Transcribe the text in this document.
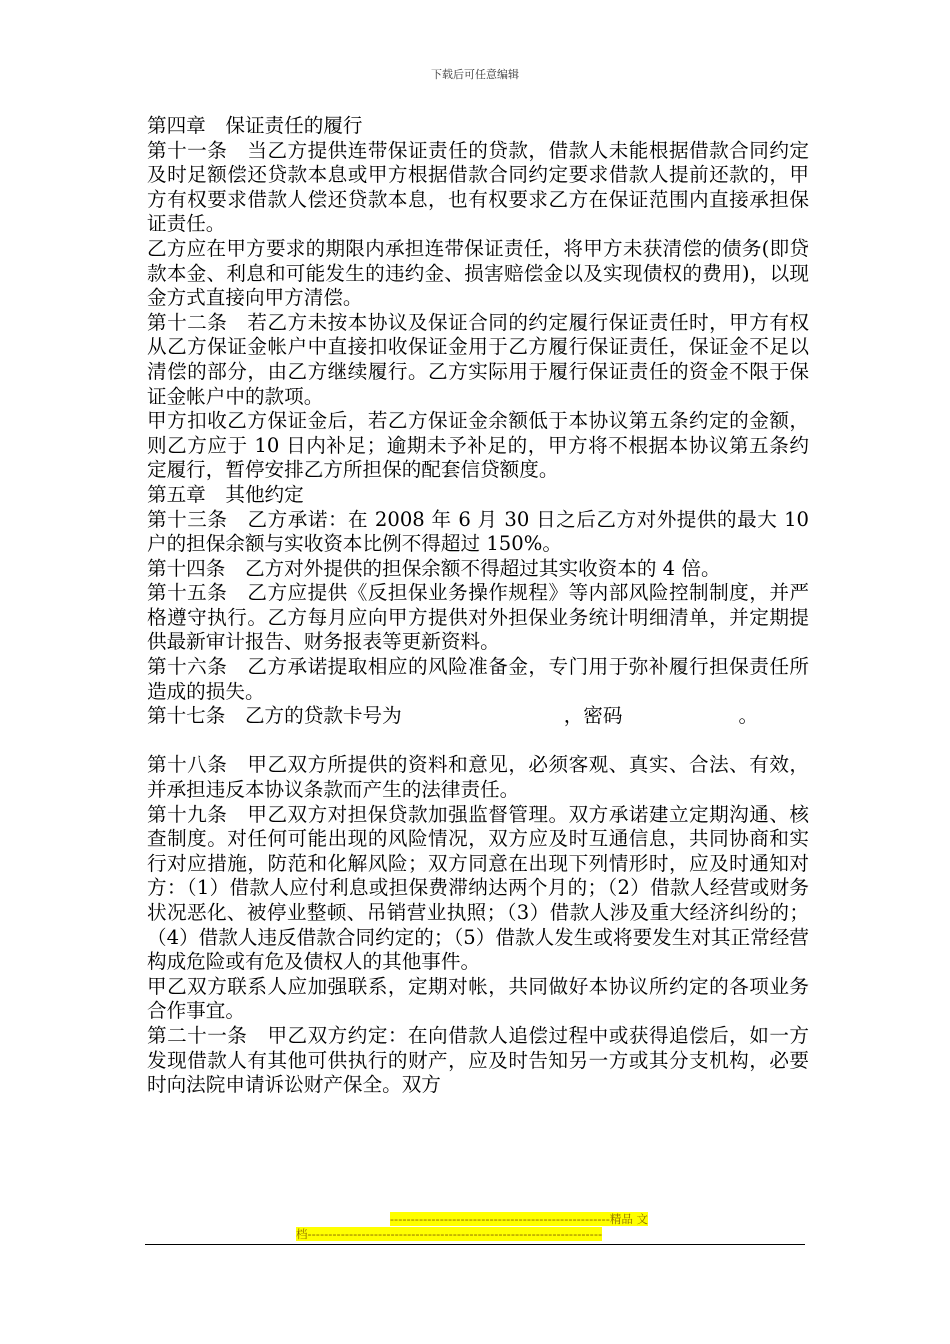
下载后可任意编辑

第四章　保证责任的履行

第十一条　当乙方提供连带保证责任的贷款，借款人未能根据借款合同约定及时足额偿还贷款本息或甲方根据借款合同约定要求借款人提前还款的，甲方有权要求借款人偿还贷款本息，也有权要求乙方在保证范围内直接承担保证责任。

乙方应在甲方要求的期限内承担连带保证责任，将甲方未获清偿的债务(即贷款本金、利息和可能发生的违约金、损害赔偿金以及实现债权的费用)，以现金方式直接向甲方清偿。

第十二条　若乙方未按本协议及保证合同的约定履行保证责任时，甲方有权从乙方保证金帐户中直接扣收保证金用于乙方履行保证责任，保证金不足以清偿的部分，由乙方继续履行。乙方实际用于履行保证责任的资金不限于保证金帐户中的款项。

甲方扣收乙方保证金后，若乙方保证金余额低于本协议第五条约定的金额，则乙方应于 10 日内补足；逾期未予补足的，甲方将不根据本协议第五条约定履行，暂停安排乙方所担保的配套信贷额度。

第五章　其他约定

第十三条　乙方承诺：在 2008 年 6 月 30 日之后乙方对外提供的最大 10 户的担保余额与实收资本比例不得超过 150%。

第十四条　乙方对外提供的担保余额不得超过其实收资本的 4 倍。

第十五条　乙方应提供《反担保业务操作规程》等内部风险控制制度，并严格遵守执行。乙方每月应向甲方提供对外担保业务统计明细清单，并定期提供最新审计报告、财务报表等更新资料。

第十六条　乙方承诺提取相应的风险准备金，专门用于弥补履行担保责任所造成的损失。

第十七条　乙方的贷款卡号为	，密码	。

第十八条　甲乙双方所提供的资料和意见，必须客观、真实、合法、有效，并承担违反本协议条款而产生的法律责任。

第十九条　甲乙双方对担保贷款加强监督管理。双方承诺建立定期沟通、核查制度。对任何可能出现的风险情况，双方应及时互通信息，共同协商和实行对应措施，防范和化解风险；双方同意在出现下列情形时，应及时通知对方：（1）借款人应付利息或担保费滞纳达两个月的；（2）借款人经营或财务状况恶化、被停业整顿、吊销营业执照；（3）借款人涉及重大经济纠纷的；（4）借款人违反借款合同约定的；（5）借款人发生或将要发生对其正常经营构成危险或有危及债权人的其他事件。

甲乙双方联系人应加强联系，定期对帐，共同做好本协议所约定的各项业务合作事宜。

第二十一条　甲乙双方约定：在向借款人追偿过程中或获得追偿后，如一方发现借款人有其他可供执行的财产，应及时告知另一方或其分支机构，必要时向法院申请诉讼财产保全。双方

-----------------------------------------------------精品 文
档-----------------------------------------------------------------------
